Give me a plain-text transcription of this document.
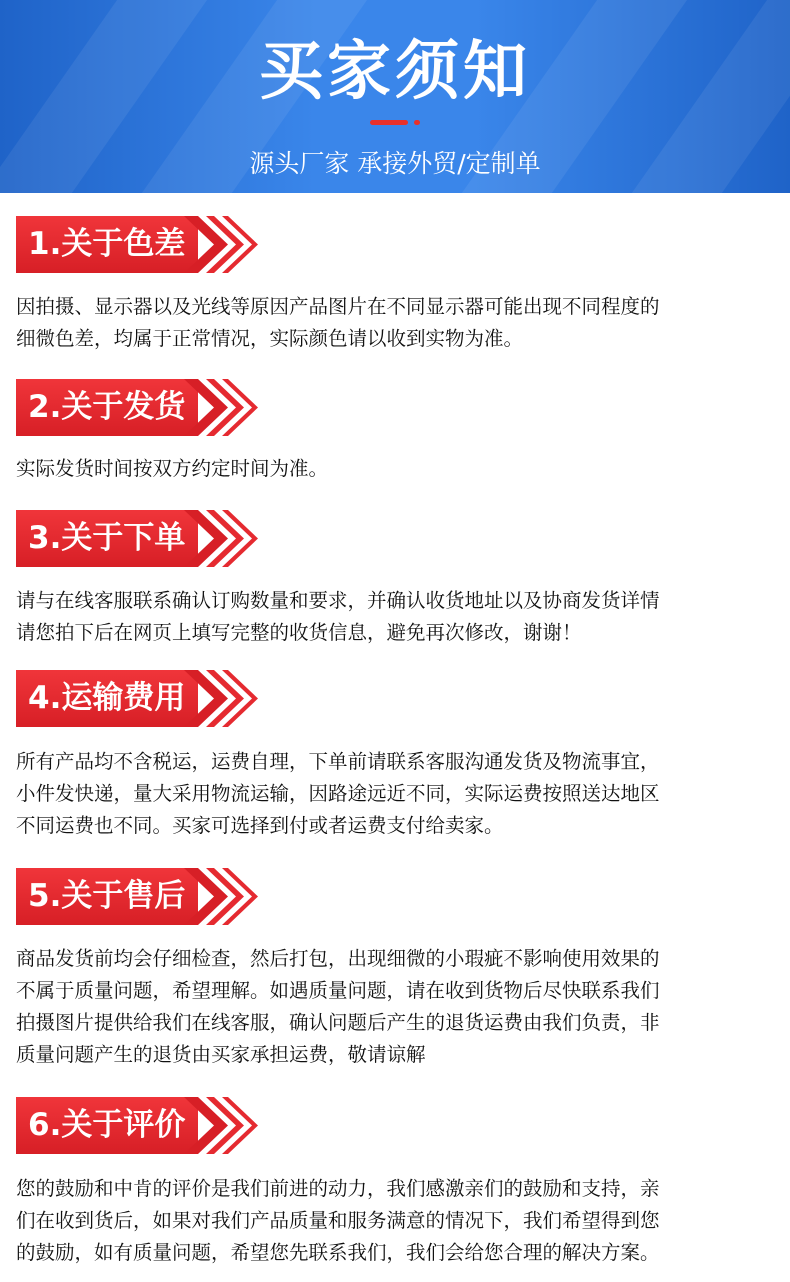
买家须知
源头厂家 承接外贸/定制单
1.关于色差

因拍摄、显示器以及光线等原因产品图片在不同显示器可能出现不同程度的

细微色差，均属于正常情况，实际颜色请以收到实物为准。

2.关于发货

实际发货时间按双方约定时间为准。

3.关于下单

请与在线客服联系确认订购数量和要求，并确认收货地址以及协商发货详情

请您拍下后在网页上填写完整的收货信息，避免再次修改，谢谢！

4.运输费用

所有产品均不含税运，运费自理，下单前请联系客服沟通发货及物流事宜，

小件发快递，量大采用物流运输，因路途远近不同，实际运费按照送达地区

不同运费也不同。买家可选择到付或者运费支付给卖家。

5.关于售后

商品发货前均会仔细检查，然后打包，出现细微的小瑕疵不影响使用效果的

不属于质量问题，希望理解。如遇质量问题，请在收到货物后尽快联系我们

拍摄图片提供给我们在线客服，确认问题后产生的退货运费由我们负责，非

质量问题产生的退货由买家承担运费，敬请谅解

6.关于评价

您的鼓励和中肯的评价是我们前进的动力，我们感激亲们的鼓励和支持，亲

们在收到货后，如果对我们产品质量和服务满意的情况下，我们希望得到您

的鼓励，如有质量问题，希望您先联系我们，我们会给您合理的解决方案。
